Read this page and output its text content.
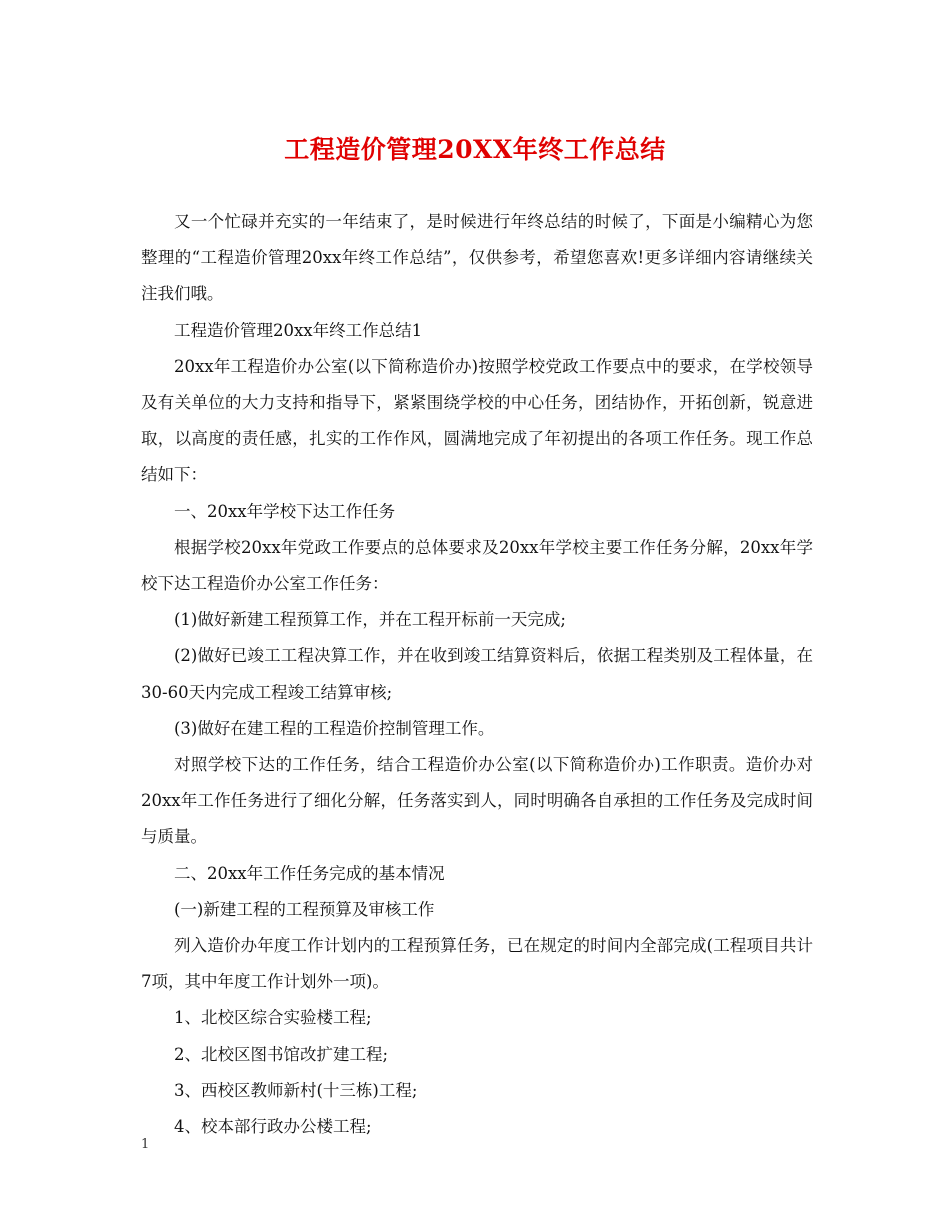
工程造价管理20XX年终工作总结

又一个忙碌并充实的一年结束了，是时候进行年终总结的时候了，下面是小编精心为您整理的“工程造价管理20xx年终工作总结”，仅供参考，希望您喜欢!更多详细内容请继续关注我们哦。

工程造价管理20xx年终工作总结1

20xx年工程造价办公室(以下简称造价办)按照学校党政工作要点中的要求，在学校领导及有关单位的大力支持和指导下，紧紧围绕学校的中心任务，团结协作，开拓创新，锐意进取，以高度的责任感，扎实的工作作风，圆满地完成了年初提出的各项工作任务。现工作总结如下：

一、20xx年学校下达工作任务

根据学校20xx年党政工作要点的总体要求及20xx年学校主要工作任务分解，20xx年学校下达工程造价办公室工作任务：

(1)做好新建工程预算工作，并在工程开标前一天完成;

(2)做好已竣工工程决算工作，并在收到竣工结算资料后，依据工程类别及工程体量，在30-60天内完成工程竣工结算审核;

(3)做好在建工程的工程造价控制管理工作。

对照学校下达的工作任务，结合工程造价办公室(以下简称造价办)工作职责。造价办对20xx年工作任务进行了细化分解，任务落实到人，同时明确各自承担的工作任务及完成时间与质量。

二、20xx年工作任务完成的基本情况

(一)新建工程的工程预算及审核工作

列入造价办年度工作计划内的工程预算任务，已在规定的时间内全部完成(工程项目共计7项，其中年度工作计划外一项)。

1、北校区综合实验楼工程;

2、北校区图书馆改扩建工程;

3、西校区教师新村(十三栋)工程;

4、校本部行政办公楼工程;

1
